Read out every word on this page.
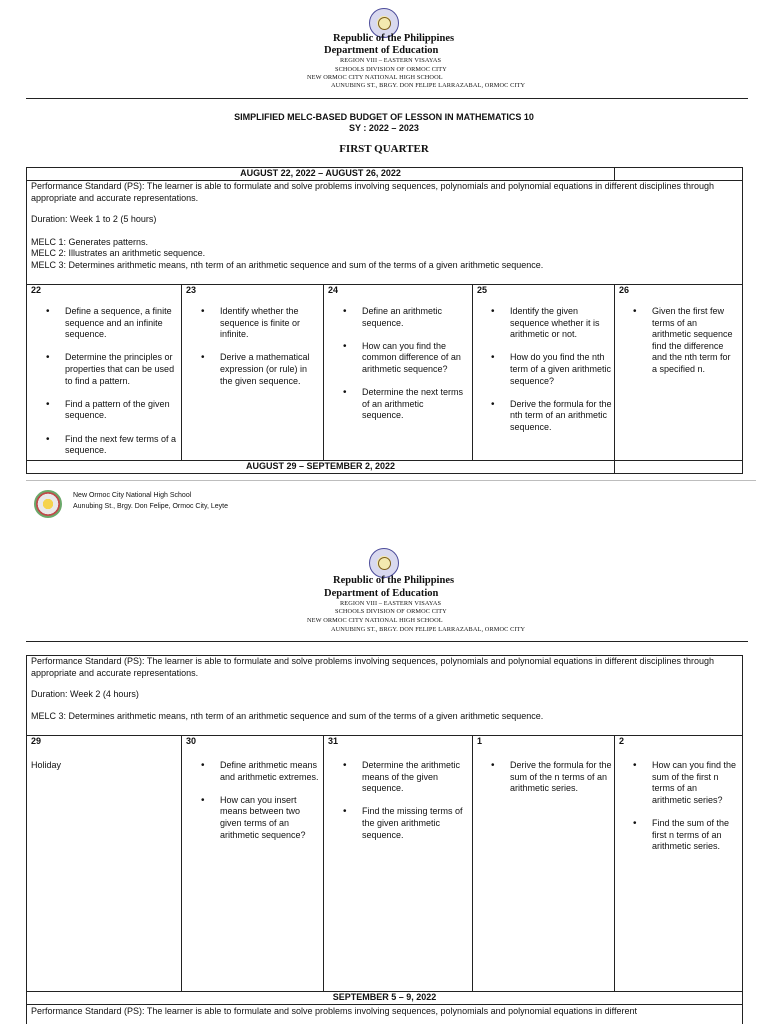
Republic of the Philippines
Department of Education
REGION VIII – EASTERN VISAYAS
SCHOOLS DIVISION OF ORMOC CITY
NEW ORMOC CITY NATIONAL HIGH SCHOOL
AUNUBING ST., BRGY. DON FELIPE LARRAZABAL, ORMOC CITY
SIMPLIFIED MELC-BASED BUDGET OF LESSON IN MATHEMATICS 10
SY : 2022 – 2023
FIRST QUARTER
AUGUST 22, 2022 – AUGUST 26, 2022

Performance Standard (PS): The learner is able to formulate and solve problems involving sequences, polynomials and polynomial equations in different disciplines through appropriate and accurate representations.

Duration: Week 1 to 2 (5 hours)

MELC 1: Generates patterns.

MELC 2: Illustrates an arithmetic sequence.

MELC 3: Determines arithmetic means, nth term of an arithmetic sequence and sum of the terms of a given arithmetic sequence.

22
• Define a sequence, a finite sequence and an infinite sequence.
• Determine the principles or properties that can be used to find a pattern.
• Find a pattern of the given sequence.
• Find the next few terms of a sequence.
23
• Identify whether the sequence is finite or infinite.
• Derive a mathematical expression (or rule) in the given sequence.
24
• Define an arithmetic sequence.
• How can you find the common difference of an arithmetic sequence?
• Determine the next terms of an arithmetic sequence.
25
• Identify the given sequence whether it is arithmetic or not.
• How do you find the nth term of a given arithmetic sequence?
• Derive the formula for the nth term of an arithmetic sequence.
26
• Given the first few terms of an arithmetic sequence find the difference and the nth term for a specified n.
AUGUST 29 – SEPTEMBER 2, 2022
New Ormoc City National High School
Aunubing St., Brgy. Don Felipe, Ormoc City, Leyte
Republic of the Philippines
Department of Education
REGION VIII – EASTERN VISAYAS
SCHOOLS DIVISION OF ORMOC CITY
NEW ORMOC CITY NATIONAL HIGH SCHOOL
AUNUBING ST., BRGY. DON FELIPE LARRAZABAL, ORMOC CITY

Performance Standard (PS): The learner is able to formulate and solve problems involving sequences, polynomials and polynomial equations in different disciplines through appropriate and accurate representations.

Duration: Week 2 (4 hours)

MELC 3: Determines arithmetic means, nth term of an arithmetic sequence and sum of the terms of a given arithmetic sequence.

29
Holiday
30
• Define arithmetic means and arithmetic extremes.
• How can you insert means between two given terms of an arithmetic sequence?
31
• Determine the arithmetic means of the given sequence.
• Find the missing terms of the given arithmetic sequence.
1
• Derive the formula for the sum of the n terms of an arithmetic series.
2
• How can you find the sum of the first n terms of an arithmetic series?
• Find the sum of the first n terms of an arithmetic series.
SEPTEMBER 5 – 9, 2022
Performance Standard (PS): The learner is able to formulate and solve problems involving sequences, polynomials and polynomial equations in different
